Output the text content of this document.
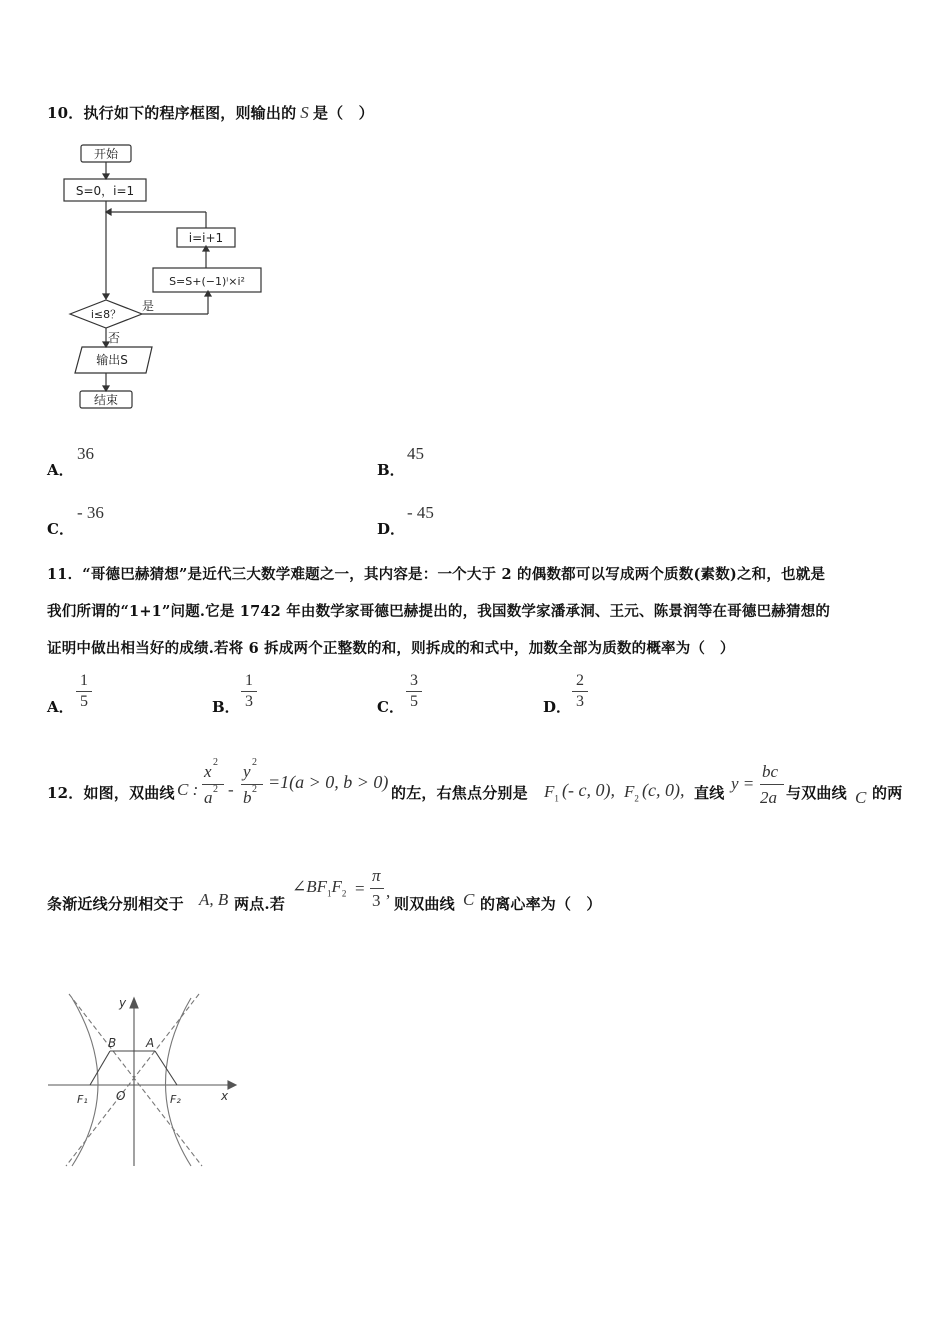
10．执行如下的程序框图，则输出的 S 是（　）
开始
S=0，i=1
i=i+1
S=S+(−1)ⁱ×i²
i≤8？
是
否
输出S
结束
A．
36
B．
45
C．
- 36
D．
- 45
11．“哥德巴赫猜想”是近代三大数学难题之一，其内容是：一个大于 2 的偶数都可以写成两个质数(素数)之和，也就是
我们所谓的“1+1”问题.它是 1742 年由数学家哥德巴赫提出的，我国数学家潘承洞、王元、陈景润等在哥德巴赫猜想的
证明中做出相当好的成绩.若将 6 拆成两个正整数的和，则拆成的和式中，加数全部为质数的概率为（　）
A．
1
5	B．
1
3	C．
3
5	D．
2
3
12．如图，双曲线 C :
x 2
a 2 -
y 2
b 2 =1(a > 0, b > 0)
的左，右焦点分别是 $F_1$ (- c, 0), $F_2$ (c, 0), 直线 y =
bc
2a 与双曲线 C 的两
条渐近线分别相交于 A, B 两点.若
$\angle BF_1F_2$ =
π
3 ,
则双曲线 C 的离心率为（　）
y
x
B A
O
F₁	F₂
